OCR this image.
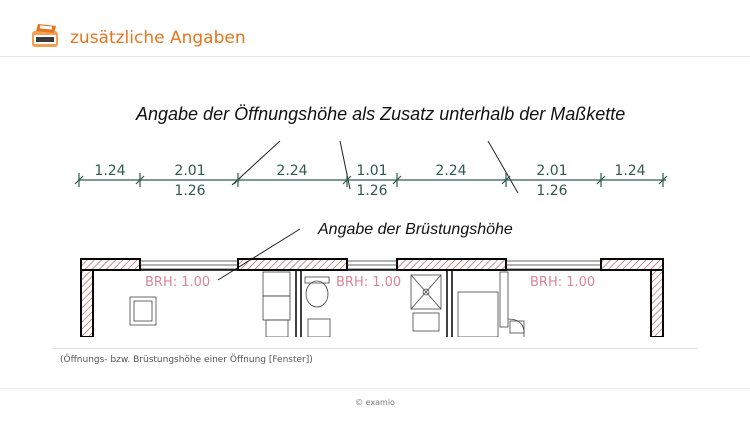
zusätzliche Angaben
Angabe der Öffnungshöhe als Zusatz unterhalb der Maßkette
Angabe der Brüstungshöhe
1.24	2.01
1.26
2.24	1.01
1.26
2.24	2.01
1.26
1.24
BRH: 1.00	BRH: 1.00	BRH: 1.00
(Öffnungs- bzw. Brüstungshöhe einer Öffnung [Fenster])
© examio
